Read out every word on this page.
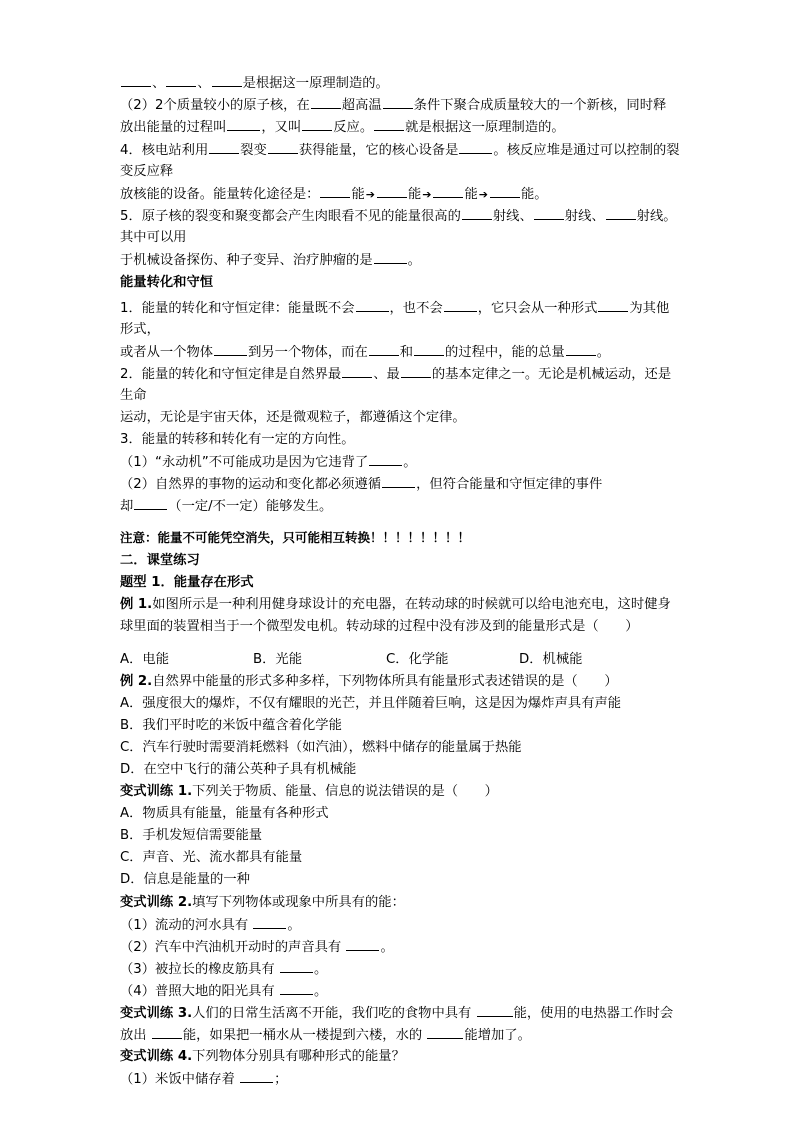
、 、 是根据这一原理制造的。
（2）2个质量较小的原子核，在 超高温 条件下聚合成质量较大的一个新核，同时释
放出能量的过程叫	，又叫 反应。 就是根据这一原理制造的。
4．核电站利用 裂变 获得能量，它的核心设备是	。核反应堆是通过可以控制的裂
变反应释
放核能的设备。能量转化途径是： 能➔ 能➔ 能➔ 能。
5．原子核的裂变和聚变都会产生肉眼看不见的能量很高的 射线、 射线、 射线。
其中可以用
于机械设备探伤、种子变异、治疗肿瘤的是	。
能量转化和守恒
1．能量的转化和守恒定律：能量既不会	，也不会	，它只会从一种形式 为其他
形式，
或者从一个物体	到另一个物体，而在 和 的过程中，能的总量 。
2．能量的转化和守恒定律是自然界最 、最 的基本定律之一。无论是机械运动，还是
生命
运动，无论是宇宙天体，还是微观粒子，都遵循这个定律。
3．能量的转移和转化有一定的方向性。
（1）“永动机”不可能成功是因为它违背了	。
（2）自然界的事物的运动和变化都必须遵循	，但符合能量和守恒定律的事件
却	（一定/不一定）能够发生。
注意：能量不可能凭空消失，只可能相互转换！！！！！！！！
二．课堂练习
题型 1．能量存在形式
例 1.如图所示是一种利用健身球设计的充电器，在转动球的时候就可以给电池充电，这时健身
球里面的装置相当于一个微型发电机。转动球的过程中没有涉及到的能量形式是（　　）
A．电能	B．光能	C．化学能	D．机械能
例 2.自然界中能量的形式多种多样，下列物体所具有能量形式表述错误的是（　　）
A．强度很大的爆炸，不仅有耀眼的光芒，并且伴随着巨响，这是因为爆炸声具有声能
B．我们平时吃的米饭中蕴含着化学能
C．汽车行驶时需要消耗燃料（如汽油），燃料中储存的能量属于热能
D．在空中飞行的蒲公英种子具有机械能
变式训练 1.下列关于物质、能量、信息的说法错误的是（　　）
A．物质具有能量，能量有各种形式
B．手机发短信需要能量
C．声音、光、流水都具有能量
D．信息是能量的一种
变式训练 2.填写下列物体或现象中所具有的能：
（1）流动的河水具有	。
（2）汽车中汽油机开动时的声音具有	。
（3）被拉长的橡皮筋具有	。
（4）普照大地的阳光具有	。
变式训练 3.人们的日常生活离不开能，我们吃的食物中具有	能，使用的电热器工作时会
放出 能，如果把一桶水从一楼提到六楼，水的	能增加了。
变式训练 4.下列物体分别具有哪种形式的能量？
（1）米饭中储存着	；
